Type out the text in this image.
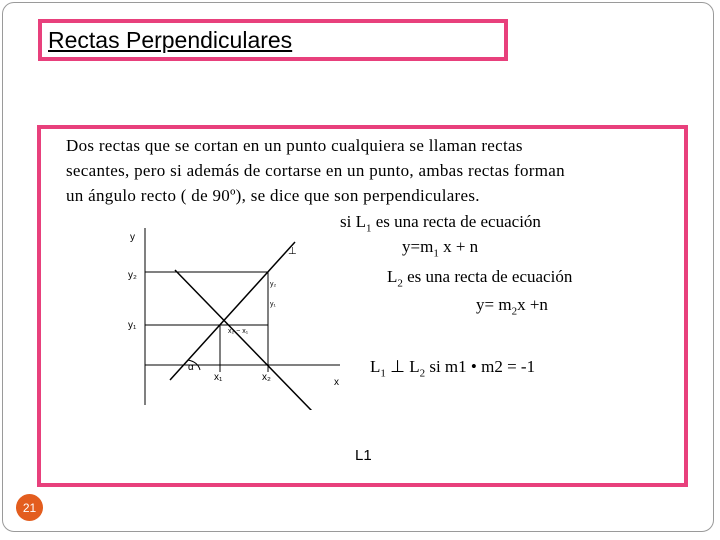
Rectas Perpendiculares

Dos rectas que se cortan en un punto cualquiera se llaman rectas

secantes, pero si además de cortarse en un punto, ambas rectas forman

un ángulo recto ( de 90º), se dice que son perpendiculares.

si $L_1$ es una recta de ecuación
$y=m_1$ x + n
$L_2$ es una recta de ecuación
$y= m_2x +n$
$L_1$ ⊥ $L_2$ si m1 • m2 = -1
y
y₂
y₁
x₁	x₂	x
y₂
y₁
x₂ − x₁
α
⊥
L1
21
